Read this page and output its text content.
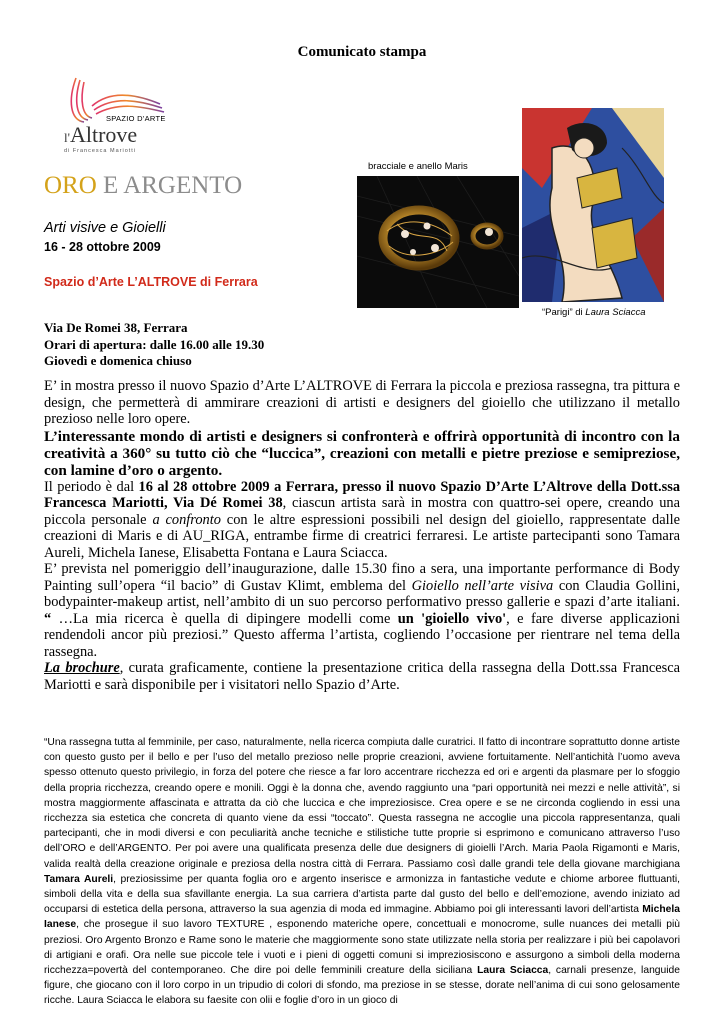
Comunicato stampa
SPAZIO D'ARTE
l'Altrove
di Francesca Mariotti
bracciale e anello Maris
“Parigi” di Laura Sciacca
ORO E ARGENTO
Arti visive e Gioielli
16 - 28 ottobre 2009
Spazio d’Arte L’ALTROVE di Ferrara
Via De Romei 38, Ferrara
Orari di apertura: dalle 16.00 alle 19.30
Giovedì e domenica chiuso

E’ in mostra presso il nuovo Spazio d’Arte L’ALTROVE di Ferrara la piccola e preziosa rassegna, tra pittura e design, che permetterà di ammirare creazioni di artisti e designers del gioiello che utilizzano il metallo prezioso nelle loro opere.

L’interessante mondo di artisti e designers si confronterà e offrirà opportunità di incontro con la creatività a 360° su tutto ciò che “luccica”, creazioni con metalli e pietre preziose e semipreziose, con lamine d’oro o argento.

Il periodo è dal 16 al 28 ottobre 2009 a Ferrara, presso il nuovo Spazio D’Arte L’Altrove della Dott.ssa Francesca Mariotti, Via Dé Romei 38, ciascun artista sarà in mostra con quattro-sei opere, creando una piccola personale a confronto con le altre espressioni possibili nel design del gioiello, rappresentate dalle creazioni di Maris e di AU_RIGA, entrambe firme di creatrici ferraresi. Le artiste partecipanti sono Tamara Aureli, Michela Ianese, Elisabetta Fontana e Laura Sciacca.

E’ prevista nel pomeriggio dell’inaugurazione, dalle 15.30 fino a sera, una importante performance di Body Painting sull’opera “il bacio” di Gustav Klimt, emblema del Gioiello nell’arte visiva con Claudia Gollini, bodypainter-makeup artist, nell’ambito di un suo percorso performativo presso gallerie e spazi d’arte italiani. “ …La mia ricerca è quella di dipingere modelli come un 'gioiello vivo', e fare diverse applicazioni rendendoli ancor più preziosi.” Questo afferma l’artista, cogliendo l’occasione per rientrare nel tema della rassegna.

La brochure, curata graficamente, contiene la presentazione critica della rassegna della Dott.ssa Francesca Mariotti e sarà disponibile per i visitatori nello Spazio d’Arte.

“Una rassegna tutta al femminile, per caso, naturalmente, nella ricerca compiuta dalle curatrici. Il fatto di incontrare soprattutto donne artiste con questo gusto per il bello e per l’uso del metallo prezioso nelle proprie creazioni, avviene fortuitamente. Nell’antichità l’uomo aveva spesso ottenuto questo privilegio, in forza del potere che riesce a far loro accentrare ricchezza ed ori e argenti da plasmare per lo sfoggio della propria ricchezza, creando opere e monili. Oggi è la donna che, avendo raggiunto una “pari opportunità nei mezzi e nelle attività”, si mostra maggiormente affascinata e attratta da ciò che luccica e che impreziosisce. Crea opere e se ne circonda cogliendo in essi una ricchezza sia estetica che concreta di quanto viene da essi “toccato”. Questa rassegna ne accoglie una piccola rappresentanza, quali partecipanti, che in modi diversi e con peculiarità anche tecniche e stilistiche tutte proprie si esprimono e comunicano attraverso l’uso dell’ORO e dell’ARGENTO. Per poi avere una qualificata presenza delle due designers di gioielli l’Arch. Maria Paola Rigamonti e Maris, valida realtà della creazione originale e preziosa della nostra città di Ferrara. Passiamo così dalle grandi tele della giovane marchigiana Tamara Aureli, preziosissime per quanta foglia oro e argento inserisce e armonizza in fantastiche vedute e chiome arboree fluttuanti, simboli della vita e della sua sfavillante energia. La sua carriera d’artista parte dal gusto del bello e dell’emozione, avendo iniziato ad occuparsi di estetica della persona, attraverso la sua agenzia di moda ed immagine. Abbiamo poi gli interessanti lavori dell’artista Michela Ianese, che prosegue il suo lavoro TEXTURE , esponendo materiche opere, concettuali e monocrome, sulle nuances dei metalli più preziosi. Oro Argento Bronzo e Rame sono le materie che maggiormente sono state utilizzate nella storia per realizzare i più bei capolavori di artigiani e orafi. Ora nelle sue piccole tele i vuoti e i pieni di oggetti comuni si impreziosiscono e assurgono a simboli della moderna ricchezza=povertà del contemporaneo. Che dire poi delle femminili creature della siciliana Laura Sciacca, carnali presenze, languide figure, che giocano con il loro corpo in un tripudio di colori di sfondo, ma preziose in se stesse, dorate nell’anima di cui sono gelosamente ricche. Laura Sciacca le elabora su faesite con olii e foglie d’oro in un gioco di
